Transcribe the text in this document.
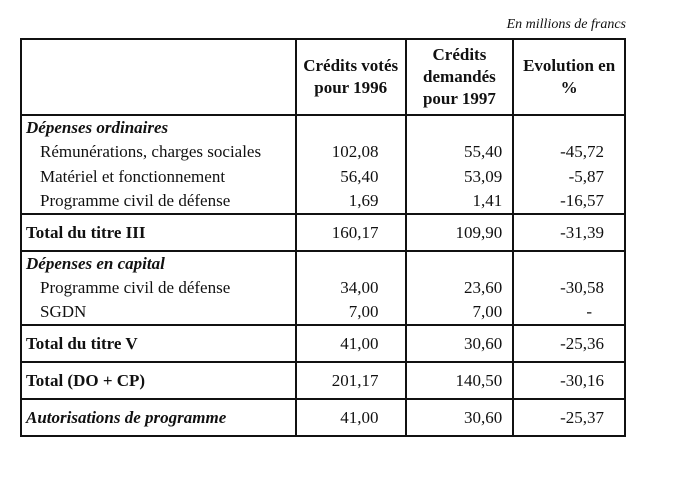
En millions de francs
	Crédits votés pour 1996	Crédits demandés pour 1997	Evolution en %
Dépenses ordinaires			
Rémunérations, charges sociales	102,08	55,40	-45,72
Matériel et fonctionnement	56,40	53,09	-5,87
Programme civil de défense	1,69	1,41	-16,57
Total du titre III	160,17	109,90	-31,39
Dépenses en capital			
Programme civil de défense	34,00	23,60	-30,58
SGDN	7,00	7,00	-
Total du titre V	41,00	30,60	-25,36
Total (DO + CP)	201,17	140,50	-30,16
Autorisations de programme	41,00	30,60	-25,37
